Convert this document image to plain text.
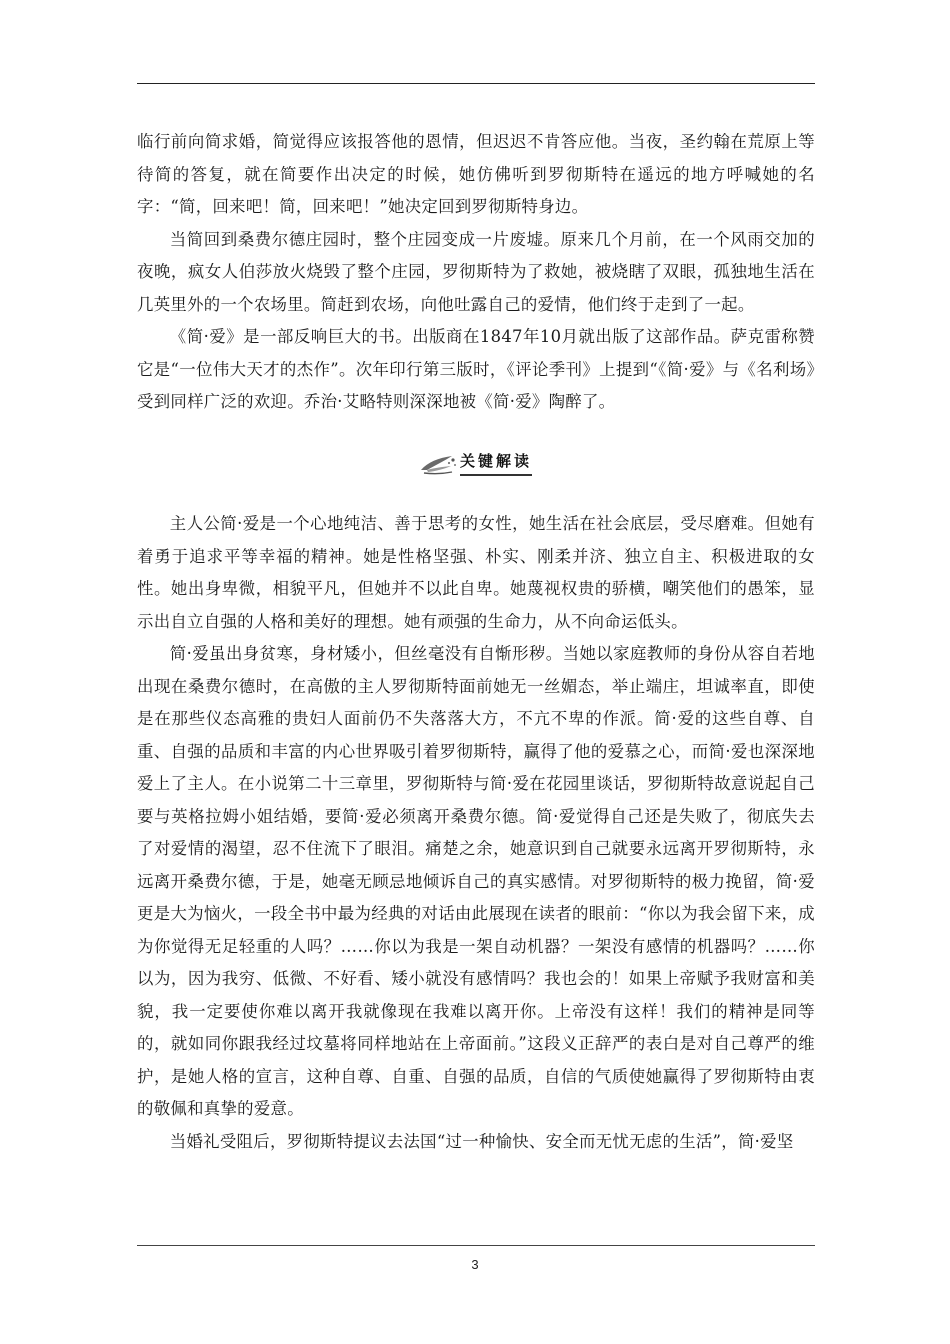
临行前向简求婚，简觉得应该报答他的恩情，但迟迟不肯答应他。当夜，圣约翰在荒原上等待简的答复，就在简要作出决定的时候，她仿佛听到罗彻斯特在遥远的地方呼喊她的名字：“简，回来吧！简，回来吧！”她决定回到罗彻斯特身边。

当简回到桑费尔德庄园时，整个庄园变成一片废墟。原来几个月前，在一个风雨交加的夜晚，疯女人伯莎放火烧毁了整个庄园，罗彻斯特为了救她，被烧瞎了双眼，孤独地生活在几英里外的一个农场里。简赶到农场，向他吐露自己的爱情，他们终于走到了一起。

《简·爱》是一部反响巨大的书。出版商在1847年10月就出版了这部作品。萨克雷称赞它是“一位伟大天才的杰作”。次年印行第三版时，《评论季刊》上提到“《简·爱》与《名利场》受到同样广泛的欢迎。乔治·艾略特则深深地被《简·爱》陶醉了。

关键解读

主人公简·爱是一个心地纯洁、善于思考的女性，她生活在社会底层，受尽磨难。但她有着勇于追求平等幸福的精神。她是性格坚强、朴实、刚柔并济、独立自主、积极进取的女性。她出身卑微，相貌平凡，但她并不以此自卑。她蔑视权贵的骄横，嘲笑他们的愚笨，显示出自立自强的人格和美好的理想。她有顽强的生命力，从不向命运低头。

简·爱虽出身贫寒，身材矮小，但丝毫没有自惭形秽。当她以家庭教师的身份从容自若地出现在桑费尔德时，在高傲的主人罗彻斯特面前她无一丝媚态，举止端庄，坦诚率直，即使是在那些仪态高雅的贵妇人面前仍不失落落大方，不亢不卑的作派。简·爱的这些自尊、自重、自强的品质和丰富的内心世界吸引着罗彻斯特，赢得了他的爱慕之心，而简·爱也深深地爱上了主人。在小说第二十三章里，罗彻斯特与简·爱在花园里谈话，罗彻斯特故意说起自己要与英格拉姆小姐结婚，要简·爱必须离开桑费尔德。简·爱觉得自己还是失败了，彻底失去了对爱情的渴望，忍不住流下了眼泪。痛楚之余，她意识到自己就要永远离开罗彻斯特，永远离开桑费尔德，于是，她毫无顾忌地倾诉自己的真实感情。对罗彻斯特的极力挽留，简·爱更是大为恼火，一段全书中最为经典的对话由此展现在读者的眼前：“你以为我会留下来，成为你觉得无足轻重的人吗？……你以为我是一架自动机器？一架没有感情的机器吗？……你以为，因为我穷、低微、不好看、矮小就没有感情吗？我也会的！如果上帝赋予我财富和美貌，我一定要使你难以离开我就像现在我难以离开你。上帝没有这样！我们的精神是同等的，就如同你跟我经过坟墓将同样地站在上帝面前。”这段义正辞严的表白是对自己尊严的维护，是她人格的宣言，这种自尊、自重、自强的品质，自信的气质使她赢得了罗彻斯特由衷的敬佩和真挚的爱意。

当婚礼受阻后，罗彻斯特提议去法国“过一种愉快、安全而无忧无虑的生活”，简·爱坚

3
